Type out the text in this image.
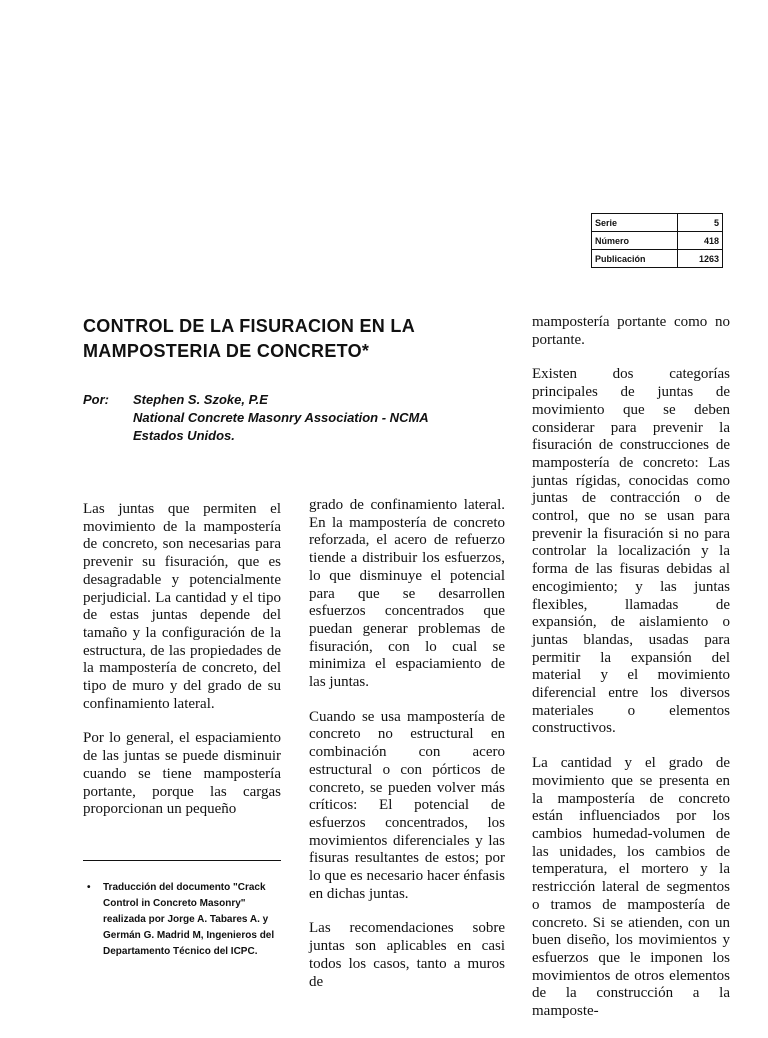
Serie	5
Número	418
Publicación	1263
CONTROL DE LA FISURACION EN LA MAMPOSTERIA DE CONCRETO*
Por: Stephen S. Szoke, P.E
National Concrete Masonry Association - NCMA
Estados Unidos.

Las juntas que permiten el movimiento de la mampostería de concreto, son necesarias para prevenir su fisuración, que es desagradable y potencialmente perjudicial. La cantidad y el tipo de estas juntas depende del tamaño y la configuración de la estructura, de las propiedades de la mampostería de concreto, del tipo de muro y del grado de su confinamiento lateral.

Por lo general, el espaciamiento de las juntas se puede disminuir cuando se tiene mampostería portante, porque las cargas proporcionan un pequeño

grado de confinamiento lateral. En la mampostería de concreto reforzada, el acero de refuerzo tiende a distribuir los esfuerzos, lo que disminuye el potencial para que se desarrollen esfuerzos concentrados que puedan generar problemas de fisuración, con lo cual se minimiza el espaciamiento de las juntas.

Cuando se usa mampostería de concreto no estructural en combinación con acero estructural o con pórticos de concreto, se pueden volver más críticos: El potencial de esfuerzos concentrados, los movimientos diferenciales y las fisuras resultantes de estos; por lo que es necesario hacer énfasis en dichas juntas.

Las recomendaciones sobre juntas son aplicables en casi todos los casos, tanto a muros de

mampostería portante como no portante.

Existen dos categorías principales de juntas de movimiento que se deben considerar para prevenir la fisuración de construcciones de mampostería de concreto: Las juntas rígidas, conocidas como juntas de contracción o de control, que no se usan para prevenir la fisuración si no para controlar la localización y la forma de las fisuras debidas al encogimiento; y las juntas flexibles, llamadas de expansión, de aislamiento o juntas blandas, usadas para permitir la expansión del material y el movimiento diferencial entre los diversos materiales o elementos constructivos.

La cantidad y el grado de movimiento que se presenta en la mampostería de concreto están influenciados por los cambios humedad-volumen de las unidades, los cambios de temperatura, el mortero y la restricción lateral de segmentos o tramos de mampostería de concreto. Si se atienden, con un buen diseño, los movimientos y esfuerzos que le imponen los movimientos de otros elementos de la construcción a la mamposte-

• Traducción del documento "Crack Control in Concreto Masonry" realizada por Jorge A. Tabares A. y Germán G. Madrid M, Ingenieros del Departamento Técnico del ICPC.
